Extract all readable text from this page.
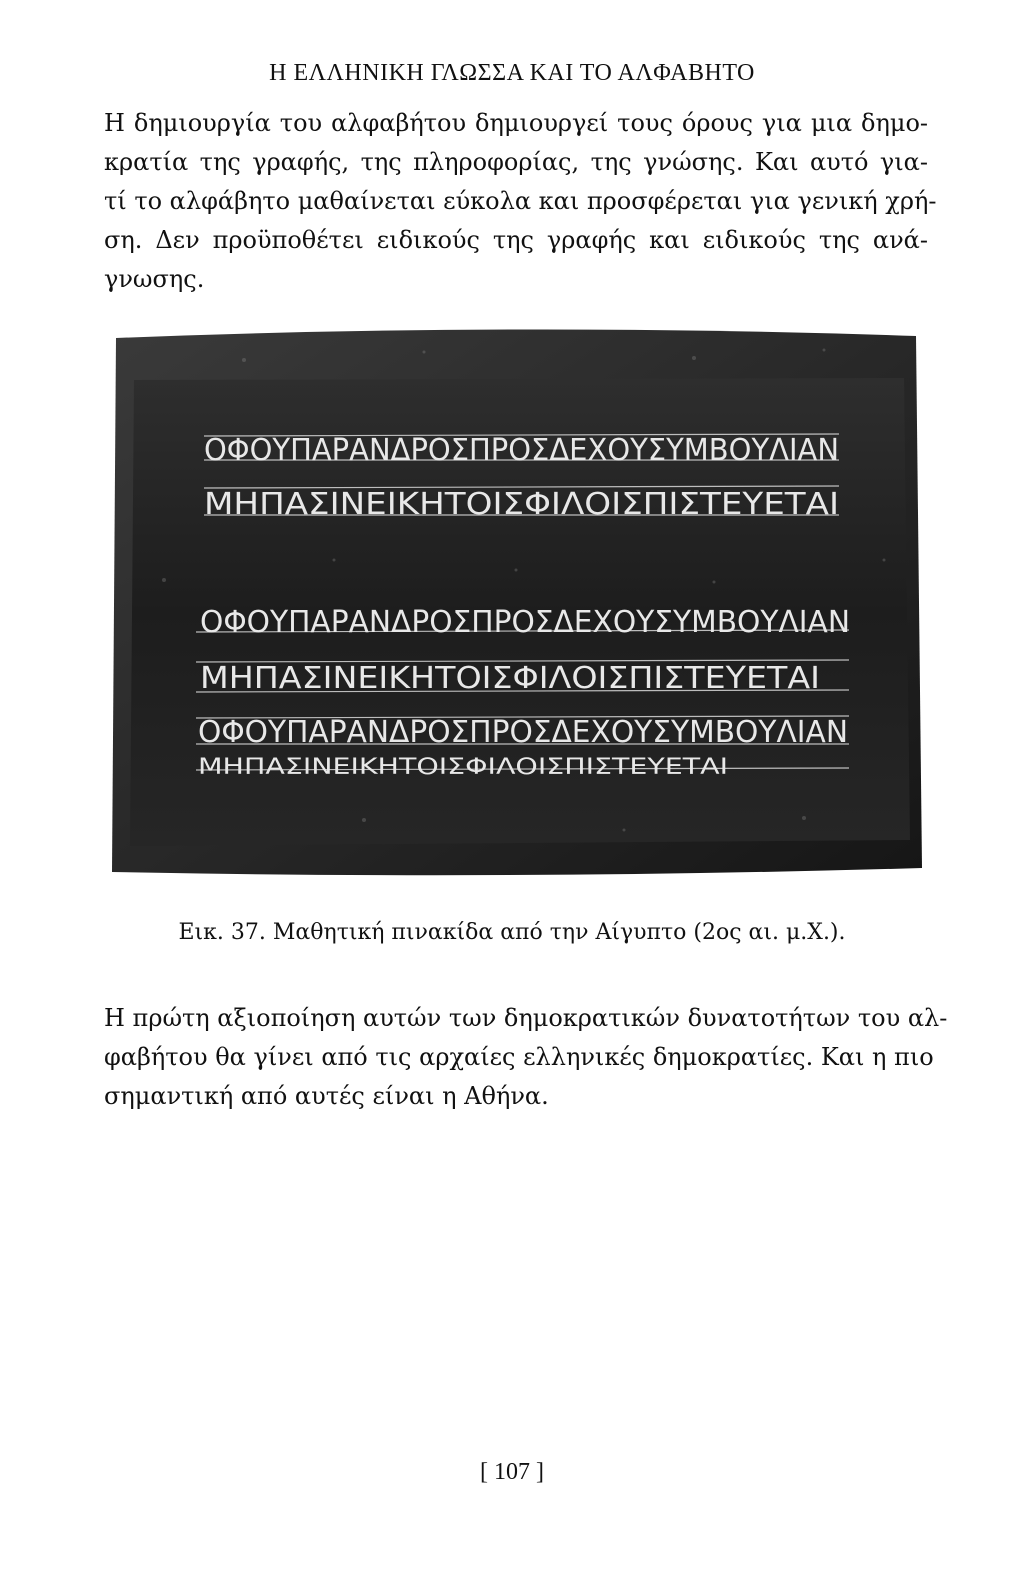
Η ΕΛΛΗΝΙΚΗ ΓΛΩΣΣΑ ΚΑΙ ΤΟ ΑΛΦΑΒΗΤΟ
Η δημιουργία του αλφαβήτου δημιουργεί τους όρους για μια δημο-
κρατία της γραφής, της πληροφορίας, της γνώσης. Και αυτό για-
τί το αλφάβητο μαθαίνεται εύκολα και προσφέρεται για γενική χρή-
ση. Δεν προϋποθέτει ειδικούς της γραφής και ειδικούς της ανά-
γνωσης.
ΟΦΟΥΠΑΡΑΝΔΡΟΣΠΡΟΣΔΕΧΟΥΣΥΜΒΟΥΛΙΑΝ
ΜΗΠΑΣΙΝΕΙΚΗΤΟΙΣΦΙΛΟΙΣΠΙΣΤΕΥΕΤΑΙ
ΟΦΟΥΠΑΡΑΝΔΡΟΣΠΡΟΣΔΕΧΟΥΣΥΜΒΟΥΛΙΑΝ
ΜΗΠΑΣΙΝΕΙΚΗΤΟΙΣΦΙΛΟΙΣΠΙΣΤΕΥΕΤΑΙ
ΟΦΟΥΠΑΡΑΝΔΡΟΣΠΡΟΣΔΕΧΟΥΣΥΜΒΟΥΛΙΑΝ
ΜΗΠΑΣΙΝΕΙΚΗΤΟΙΣΦΙΛΟΙΣΠΙΣΤΕΥΕΤΑΙ
Εικ. 37. Μαθητική πινακίδα από την Αίγυπτο (2ος αι. μ.Χ.).
Η πρώτη αξιοποίηση αυτών των δημοκρατικών δυνατοτήτων του αλ-
φαβήτου θα γίνει από τις αρχαίες ελληνικές δημοκρατίες. Και η πιο
σημαντική από αυτές είναι η Αθήνα.
[ 107 ]
